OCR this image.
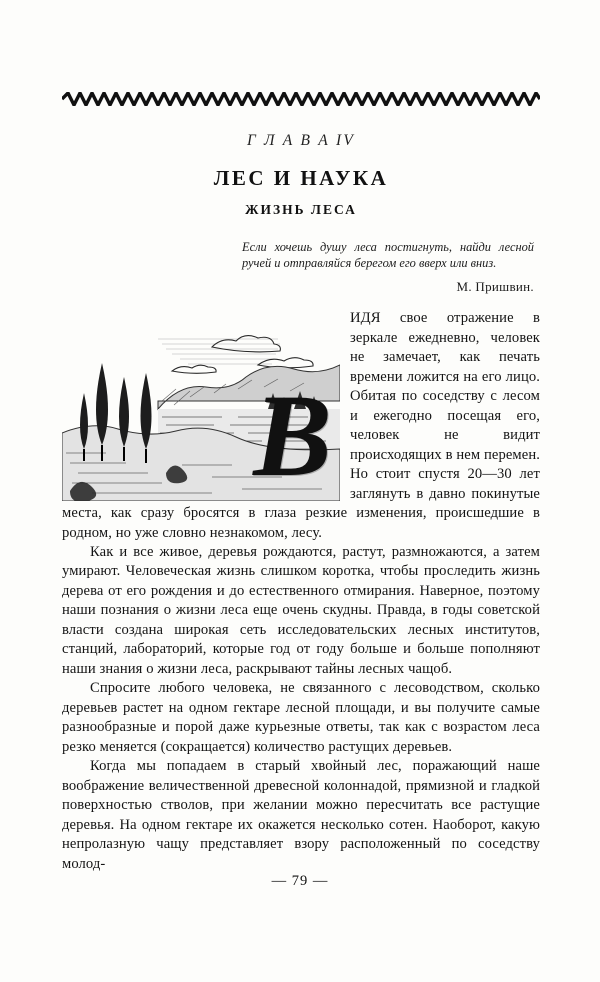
Г Л А В А IV
ЛЕС И НАУКА
ЖИЗНЬ ЛЕСА
Если хочешь душу леса постигнуть, найди лесной ручей и отправляйся берегом его вверх или вниз.
М. Пришвин.
В

ИДЯ свое отражение в зеркале ежедневно, человек не замечает, как печать времени ложится на его лицо. Обитая по соседству с лесом и ежегодно посещая его, человек не видит происходящих в нем перемен. Но стоит спустя 20—30 лет заглянуть в давно покинутые места, как сразу бросятся в глаза резкие изменения, происшедшие в родном, но уже словно незнакомом, лесу.

Как и все живое, деревья рождаются, растут, размножаются, а затем умирают. Человеческая жизнь слишком коротка, чтобы проследить жизнь дерева от его рождения и до естественного отмирания. Наверное, поэтому наши познания о жизни леса еще очень скудны. Правда, в годы советской власти создана широкая сеть исследовательских лесных институтов, станций, лабораторий, которые год от году больше и больше пополняют наши знания о жизни леса, раскрывают тайны лесных чащоб.

Спросите любого человека, не связанного с лесоводством, сколько деревьев растет на одном гектаре лесной площади, и вы получите самые разнообразные и порой даже курьезные ответы, так как с возрастом леса резко меняется (сокращается) количество растущих деревьев.

Когда мы попадаем в старый хвойный лес, поражающий наше воображение величественной древесной колоннадой, прямизной и гладкой поверхностью стволов, при желании можно пересчитать все растущие деревья. На одном гектаре их окажется несколько сотен. Наоборот, какую непролазную чащу представляет взору расположенный по соседству молод-

— 79 —
